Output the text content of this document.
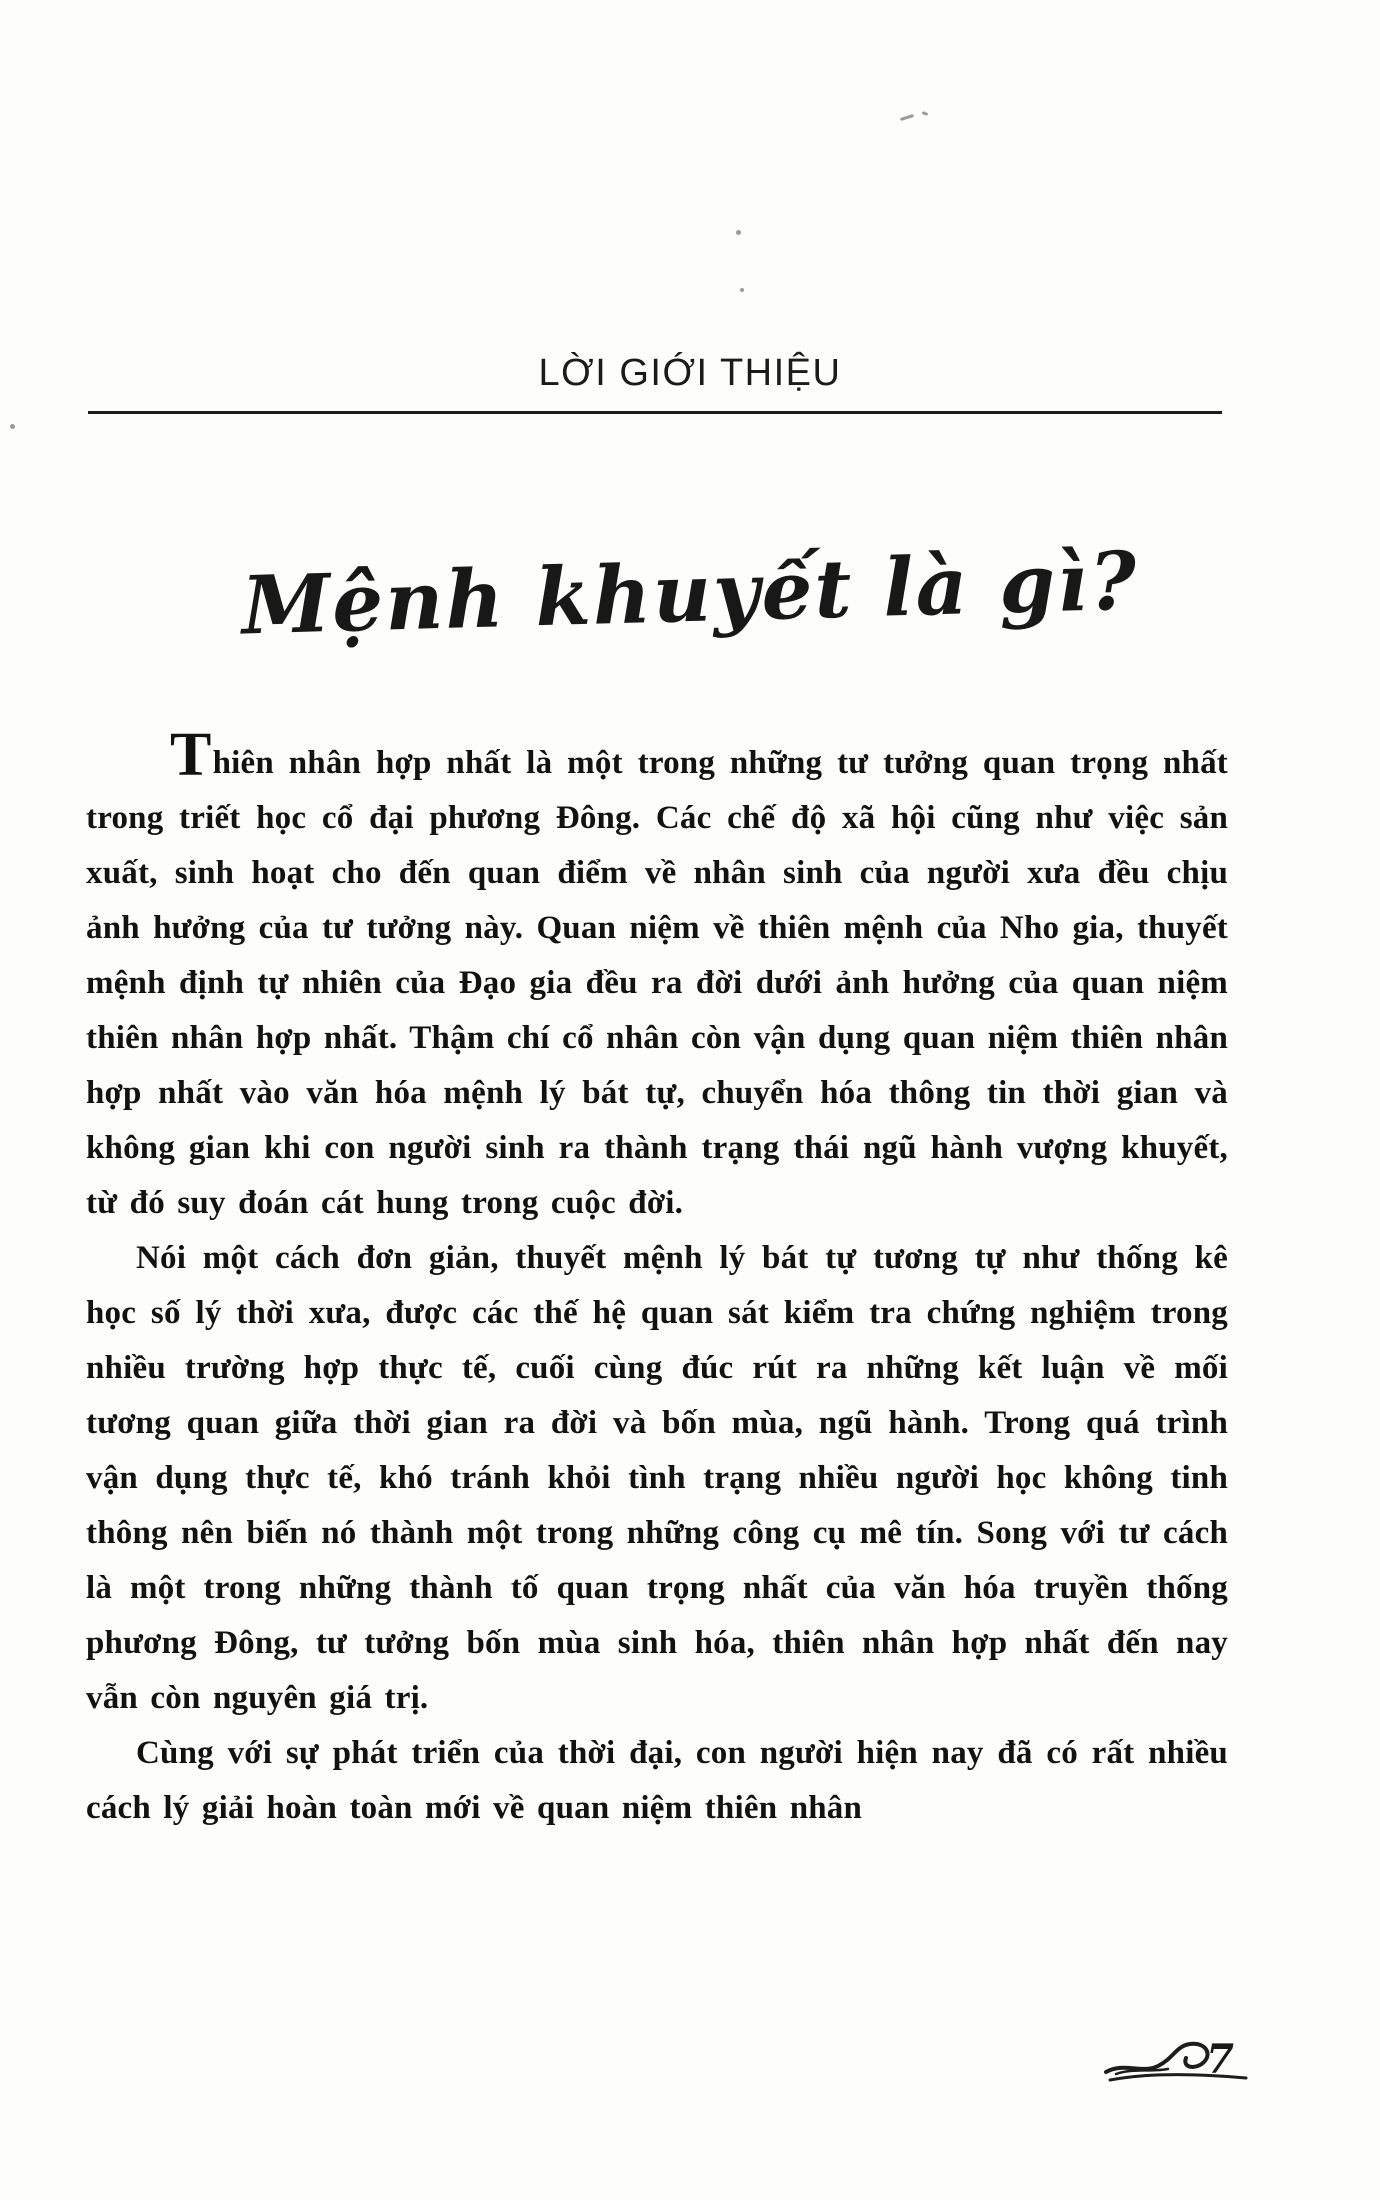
LỜI GIỚI THIỆU
Mệnh khuyết là gì?

Thiên nhân hợp nhất là một trong những tư tưởng quan trọng nhất trong triết học cổ đại phương Đông. Các chế độ xã hội cũng như việc sản xuất, sinh hoạt cho đến quan điểm về nhân sinh của người xưa đều chịu ảnh hưởng của tư tưởng này. Quan niệm về thiên mệnh của Nho gia, thuyết mệnh định tự nhiên của Đạo gia đều ra đời dưới ảnh hưởng của quan niệm thiên nhân hợp nhất. Thậm chí cổ nhân còn vận dụng quan niệm thiên nhân hợp nhất vào văn hóa mệnh lý bát tự, chuyển hóa thông tin thời gian và không gian khi con người sinh ra thành trạng thái ngũ hành vượng khuyết, từ đó suy đoán cát hung trong cuộc đời.

Nói một cách đơn giản, thuyết mệnh lý bát tự tương tự như thống kê học số lý thời xưa, được các thế hệ quan sát kiểm tra chứng nghiệm trong nhiều trường hợp thực tế, cuối cùng đúc rút ra những kết luận về mối tương quan giữa thời gian ra đời và bốn mùa, ngũ hành. Trong quá trình vận dụng thực tế, khó tránh khỏi tình trạng nhiều người học không tinh thông nên biến nó thành một trong những công cụ mê tín. Song với tư cách là một trong những thành tố quan trọng nhất của văn hóa truyền thống phương Đông, tư tưởng bốn mùa sinh hóa, thiên nhân hợp nhất đến nay vẫn còn nguyên giá trị.

Cùng với sự phát triển của thời đại, con người hiện nay đã có rất nhiều cách lý giải hoàn toàn mới về quan niệm thiên nhân

7
